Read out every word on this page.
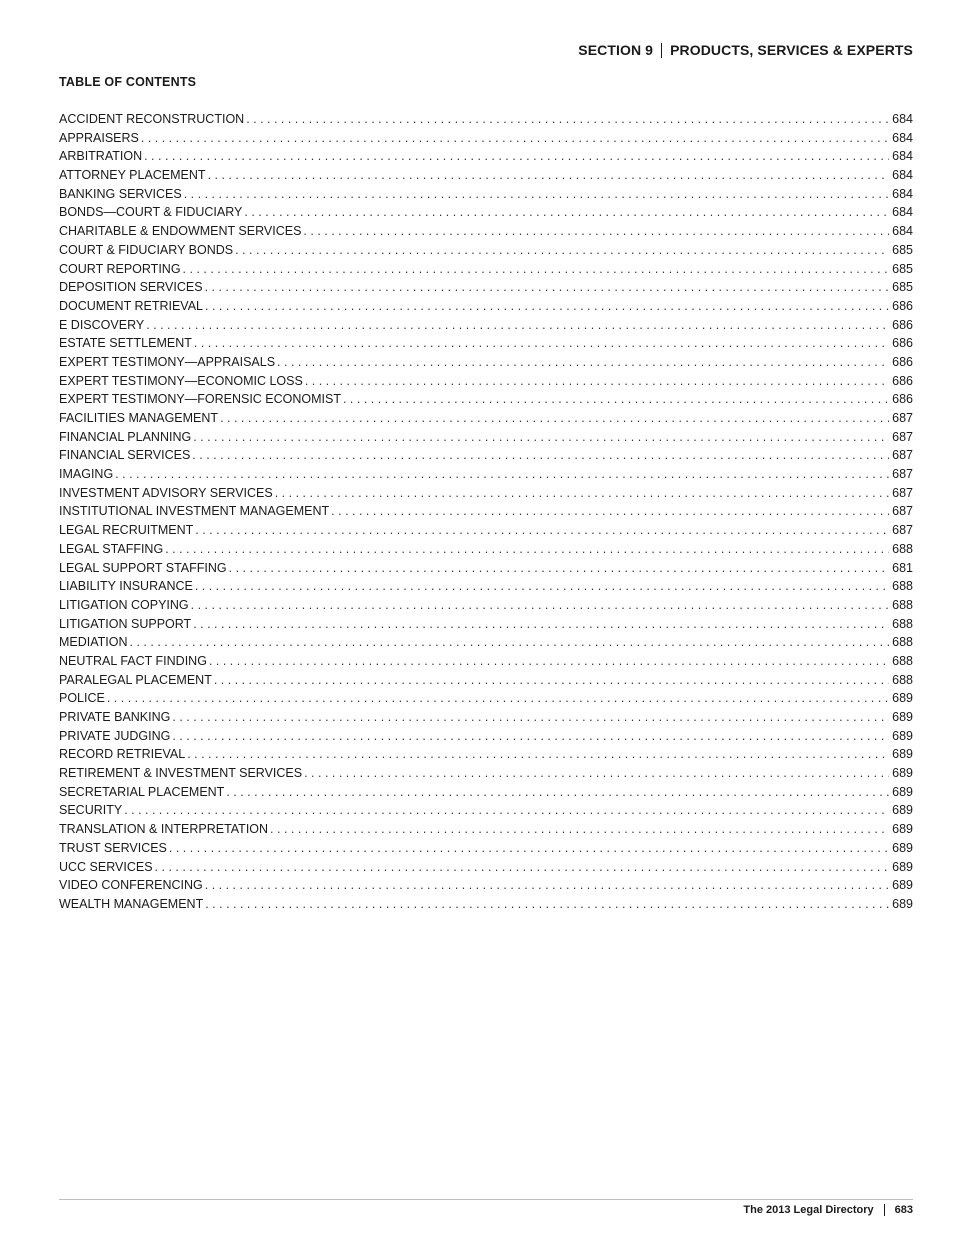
SECTION 9 PRODUCTS, SERVICES & EXPERTS
TABLE OF CONTENTS
ACCIDENT RECONSTRUCTION . . .	684
APPRAISERS . . .	684
ARBITRATION . . .	684
ATTORNEY PLACEMENT . . .	684
BANKING SERVICES . . .	684
BONDS—COURT & FIDUCIARY . . .	684
CHARITABLE & ENDOWMENT SERVICES . . .	684
COURT & FIDUCIARY BONDS . . .	685
COURT REPORTING . . .	685
DEPOSITION SERVICES . . .	685
DOCUMENT RETRIEVAL . . .	686
E DISCOVERY . . .	686
ESTATE SETTLEMENT . . .	686
EXPERT TESTIMONY—APPRAISALS . . .	686
EXPERT TESTIMONY—ECONOMIC LOSS . . .	686
EXPERT TESTIMONY—FORENSIC ECONOMIST . . .	686
FACILITIES MANAGEMENT . . .	687
FINANCIAL PLANNING . . .	687
FINANCIAL SERVICES . . .	687
IMAGING . . .	687
INVESTMENT ADVISORY SERVICES . . .	687
INSTITUTIONAL INVESTMENT MANAGEMENT . . .	687
LEGAL RECRUITMENT . . .	687
LEGAL STAFFING . . .	688
LEGAL SUPPORT STAFFING . . .	681
LIABILITY INSURANCE . . .	688
LITIGATION COPYING . . .	688
LITIGATION SUPPORT . . .	688
MEDIATION . . .	688
NEUTRAL FACT FINDING . . .	688
PARALEGAL PLACEMENT . . .	688
POLICE . . .	689
PRIVATE BANKING . . .	689
PRIVATE JUDGING . . .	689
RECORD RETRIEVAL . . .	689
RETIREMENT & INVESTMENT SERVICES . . .	689
SECRETARIAL PLACEMENT . . .	689
SECURITY . . .	689
TRANSLATION & INTERPRETATION . . .	689
TRUST SERVICES . . .	689
UCC SERVICES . . .	689
VIDEO CONFERENCING . . .	689
WEALTH MANAGEMENT . . .	689
The 2013 Legal Directory 683
